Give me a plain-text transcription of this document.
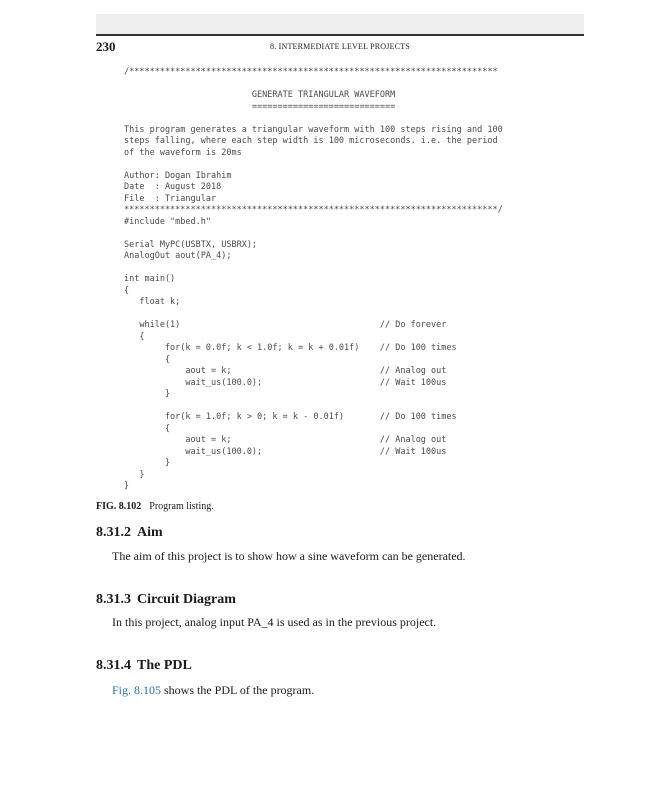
230	8. INTERMEDIATE LEVEL PROJECTS
/************************************************************************
GENERATE TRIANGULAR WAVEFORM
============================
This program generates a triangular waveform with 100 steps rising and 100
steps falling, where each step width is 100 microseconds. i.e. the period
of the waveform is 20ms
Author: Dogan Ibrahim
Date  : August 2018
File  : Triangular
*************************************************************************/
#include "mbed.h"
Serial MyPC(USBTX, USBRX);
AnalogOut aout(PA_4);
int main()
{
float k;
while(1)                                       // Do forever
{
for(k = 0.0f; k < 1.0f; k = k + 0.01f)    // Do 100 times
{
aout = k;                             // Analog out
wait_us(100.0);                       // Wait 100us
}
for(k = 1.0f; k > 0; k = k - 0.01f)       // Do 100 times
{
aout = k;                             // Analog out
wait_us(100.0);                       // Wait 100us
}
}
}
FIG. 8.102 Program listing.
8.31.2 Aim
The aim of this project is to show how a sine waveform can be generated.
8.31.3 Circuit Diagram
In this project, analog input PA_4 is used as in the previous project.
8.31.4 The PDL
Fig. 8.105 shows the PDL of the program.
